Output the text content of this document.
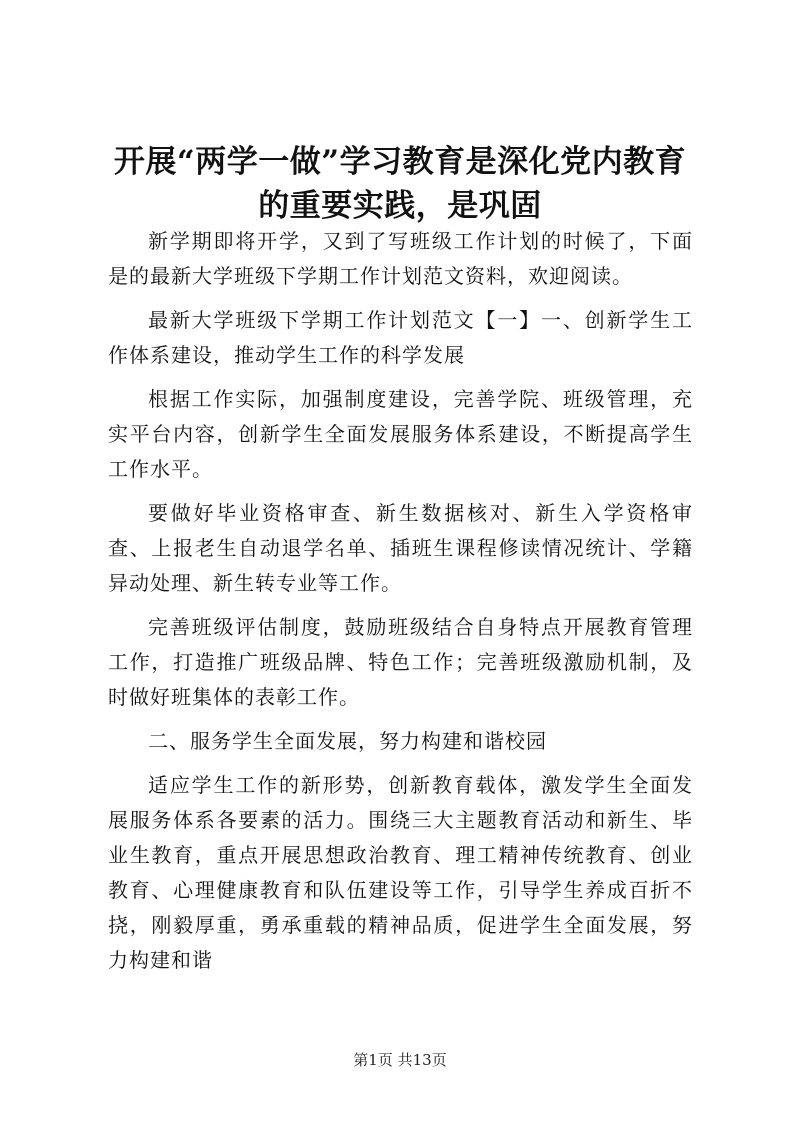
开展“两学一做”学习教育是深化党内教育的重要实践，是巩固

新学期即将开学，又到了写班级工作计划的时候了，下面是的最新大学班级下学期工作计划范文资料，欢迎阅读。

最新大学班级下学期工作计划范文【一】一、创新学生工作体系建设，推动学生工作的科学发展

根据工作实际，加强制度建设，完善学院、班级管理，充实平台内容，创新学生全面发展服务体系建设，不断提高学生工作水平。

要做好毕业资格审查、新生数据核对、新生入学资格审查、上报老生自动退学名单、插班生课程修读情况统计、学籍异动处理、新生转专业等工作。

完善班级评估制度，鼓励班级结合自身特点开展教育管理工作，打造推广班级品牌、特色工作；完善班级激励机制，及时做好班集体的表彰工作。

二、服务学生全面发展，努力构建和谐校园

适应学生工作的新形势，创新教育载体，激发学生全面发展服务体系各要素的活力。围绕三大主题教育活动和新生、毕业生教育，重点开展思想政治教育、理工精神传统教育、创业教育、心理健康教育和队伍建设等工作，引导学生养成百折不挠，刚毅厚重，勇承重载的精神品质，促进学生全面发展，努力构建和谐

第1页 共13页
